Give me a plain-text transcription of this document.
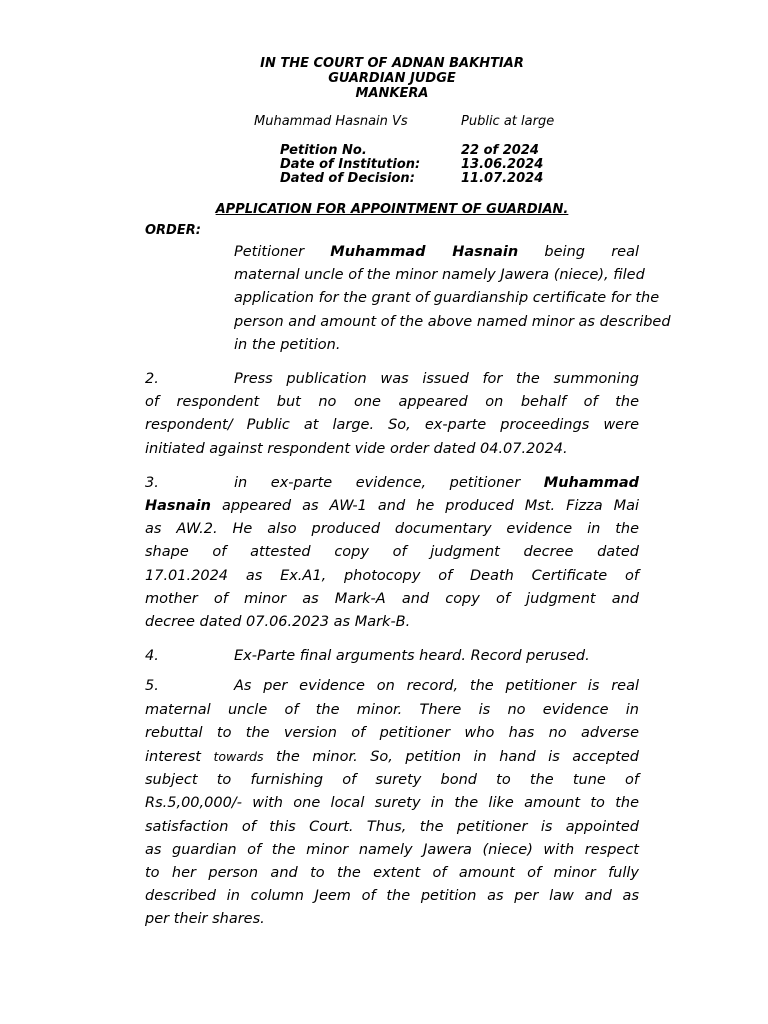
IN THE COURT OF ADNAN BAKHTIAR
GUARDIAN JUDGE
MANKERA
Muhammad Hasnain Vs	Public at large
Petition No.	22 of 2024
Date of Institution:	13.06.2024
Dated of Decision:	11.07.2024
APPLICATION FOR APPOINTMENT OF GUARDIAN.
ORDER:
Petitioner Muhammad Hasnain being real
maternal uncle of the minor namely Jawera (niece), filed
application for the grant of guardianship certificate for the
person and amount of the above named minor as described
in the petition.
2.	Press publication was issued for the summoning
of respondent but no one appeared on behalf of the
respondent/ Public at large. So, ex-parte proceedings were
initiated against respondent vide order dated 04.07.2024.
3.	in ex-parte evidence, petitioner Muhammad
Hasnain appeared as AW-1 and he produced Mst. Fizza Mai
as AW.2. He also produced documentary evidence in the
shape of attested copy of judgment decree dated
17.01.2024 as Ex.A1, photocopy of Death Certificate of
mother of minor as Mark-A and copy of judgment and
decree dated 07.06.2023 as Mark-B.
4.	Ex-Parte final arguments heard. Record perused.
5.	As per evidence on record, the petitioner is real
maternal uncle of the minor. There is no evidence in
rebuttal to the version of petitioner who has no adverse
interest towards the minor. So, petition in hand is accepted
subject to furnishing of surety bond to the tune of
Rs.5,00,000/- with one local surety in the like amount to the
satisfaction of this Court. Thus, the petitioner is appointed
as guardian of the minor namely Jawera (niece) with respect
to her person and to the extent of amount of minor fully
described in column Jeem of the petition as per law and as
per their shares.
